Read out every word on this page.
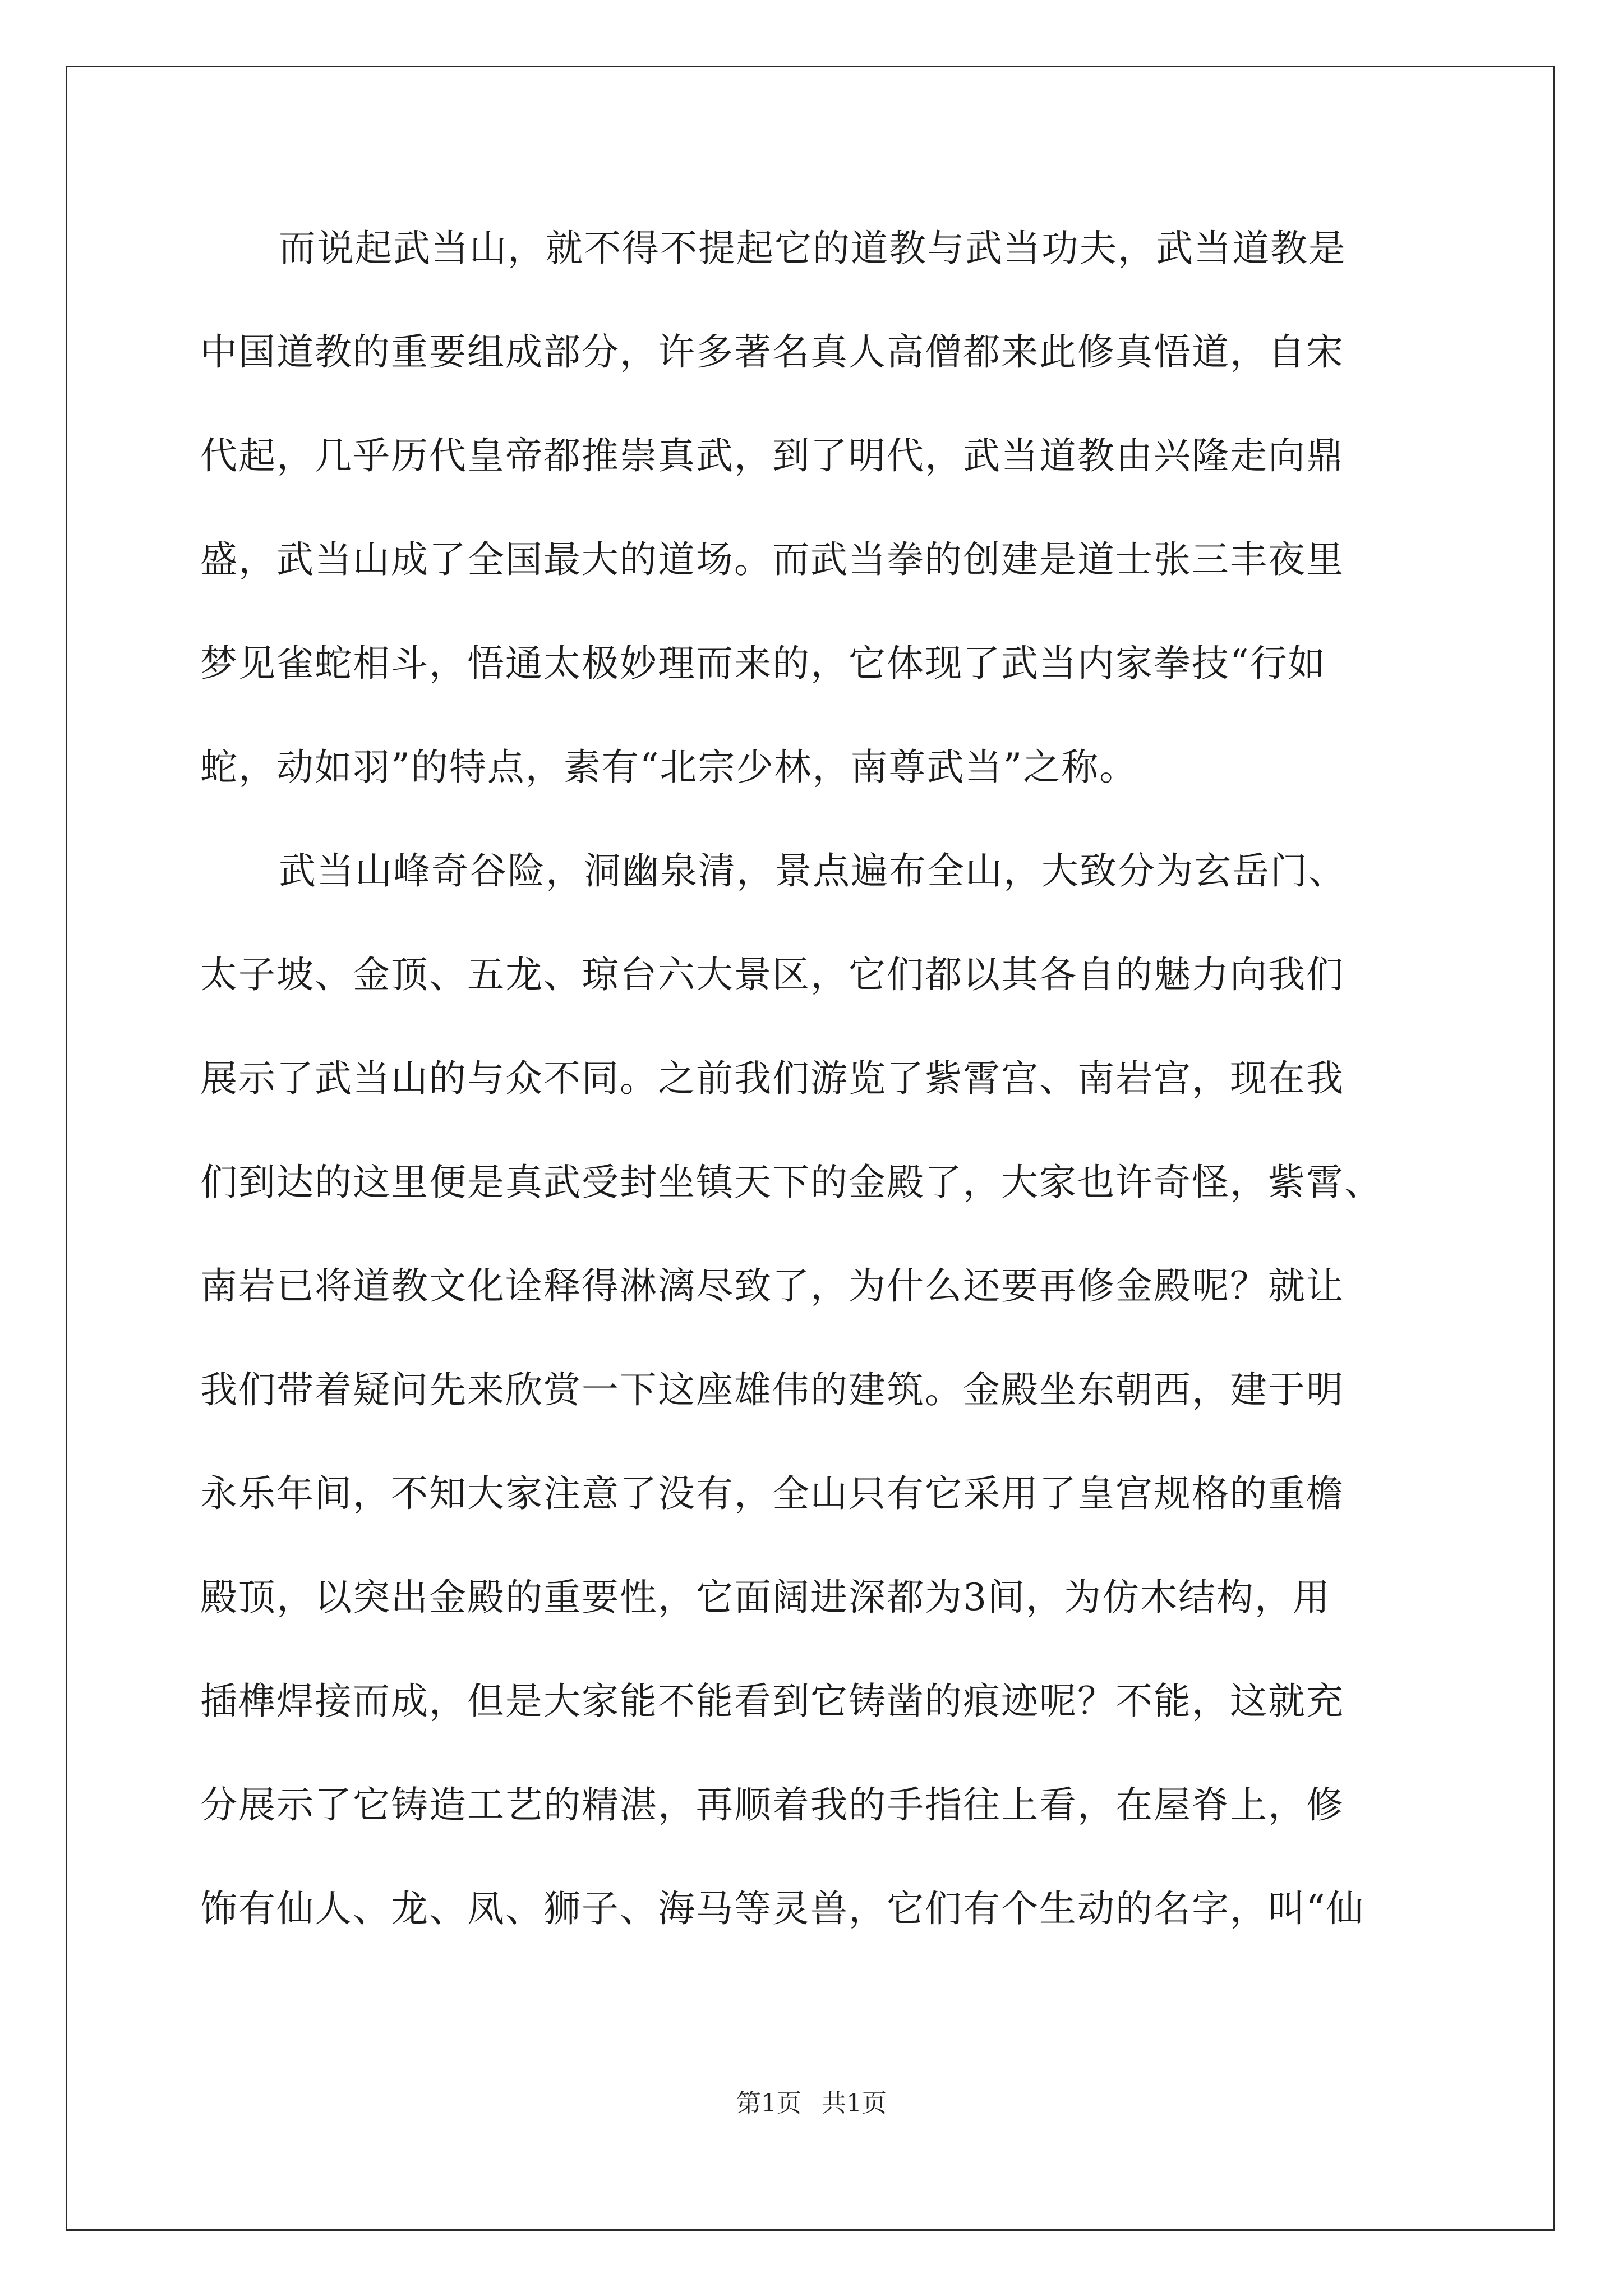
而说起武当山，就不得不提起它的道教与武当功夫，武当道教是
中国道教的重要组成部分，许多著名真人高僧都来此修真悟道，自宋
代起，几乎历代皇帝都推崇真武，到了明代，武当道教由兴隆走向鼎
盛，武当山成了全国最大的道场。而武当拳的创建是道士张三丰夜里
梦见雀蛇相斗，悟通太极妙理而来的，它体现了武当内家拳技“行如
蛇，动如羽”的特点，素有“北宗少林，南尊武当”之称。
武当山峰奇谷险，洞幽泉清，景点遍布全山，大致分为玄岳门、
太子坡、金顶、五龙、琼台六大景区，它们都以其各自的魅力向我们
展示了武当山的与众不同。之前我们游览了紫霄宫、南岩宫，现在我
们到达的这里便是真武受封坐镇天下的金殿了，大家也许奇怪，紫霄、
南岩已将道教文化诠释得淋漓尽致了，为什么还要再修金殿呢？就让
我们带着疑问先来欣赏一下这座雄伟的建筑。金殿坐东朝西，建于明
永乐年间，不知大家注意了没有，全山只有它采用了皇宫规格的重檐
殿顶，以突出金殿的重要性，它面阔进深都为3间，为仿木结构，用
插榫焊接而成，但是大家能不能看到它铸凿的痕迹呢？不能，这就充
分展示了它铸造工艺的精湛，再顺着我的手指往上看，在屋脊上，修
饰有仙人、龙、凤、狮子、海马等灵兽，它们有个生动的名字，叫“仙
第1页 共1页
